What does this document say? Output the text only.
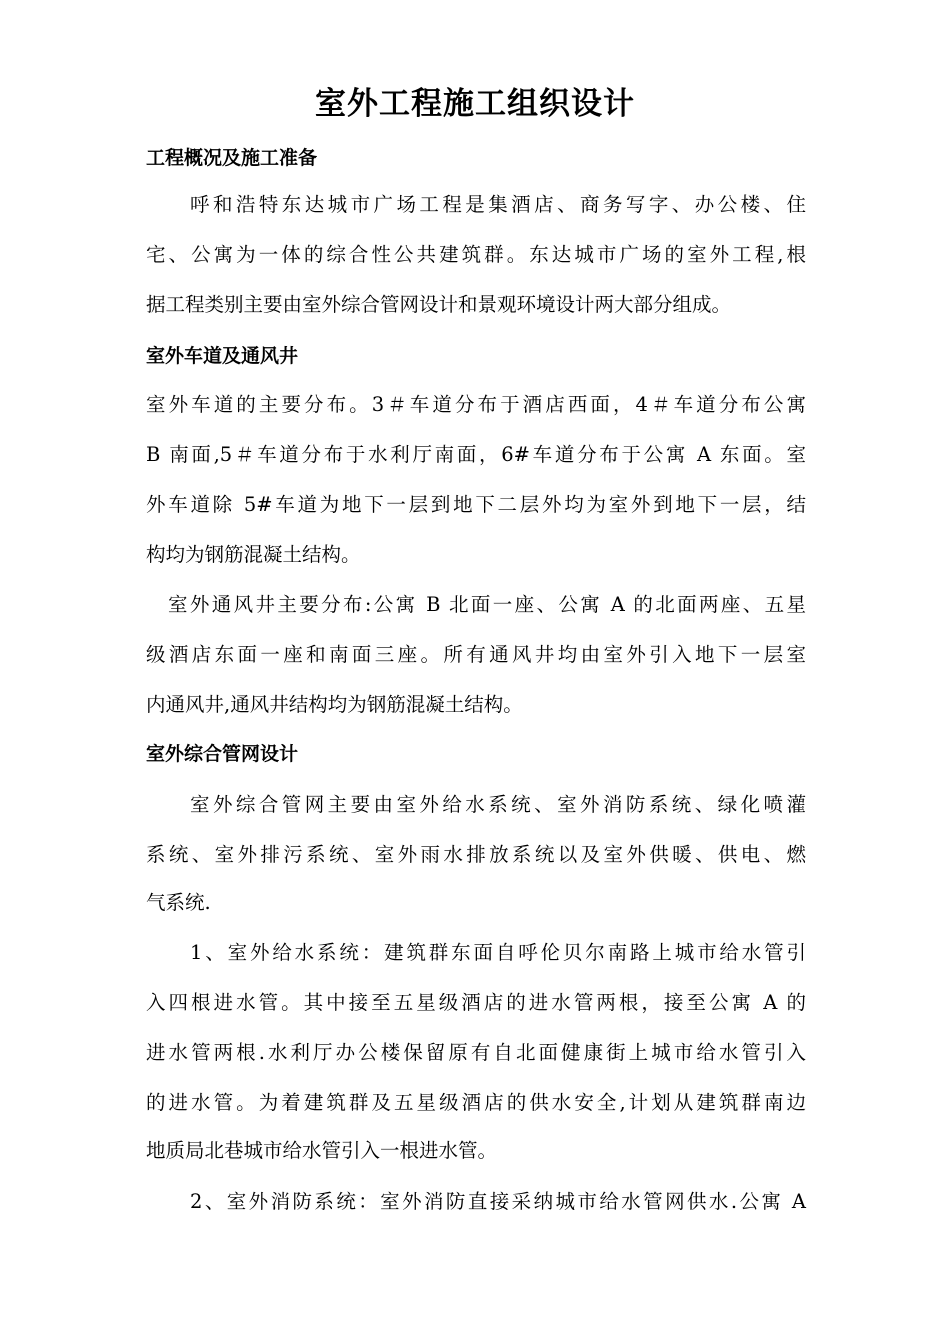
室外工程施工组织设计
工程概况及施工准备
呼和浩特东达城市广场工程是集酒店、商务写字、办公楼、住
宅、公寓为一体的综合性公共建筑群。东达城市广场的室外工程,根
据工程类别主要由室外综合管网设计和景观环境设计两大部分组成。
室外车道及通风井
室外车道的主要分布。3＃车道分布于酒店西面，4＃车道分布公寓
B 南面,5＃车道分布于水利厅南面，6#车道分布于公寓 A 东面。室
外车道除 5#车道为地下一层到地下二层外均为室外到地下一层，结
构均为钢筋混凝土结构。
室外通风井主要分布:公寓 B 北面一座、公寓 A 的北面两座、五星
级酒店东面一座和南面三座。所有通风井均由室外引入地下一层室
内通风井,通风井结构均为钢筋混凝土结构。
室外综合管网设计
室外综合管网主要由室外给水系统、室外消防系统、绿化喷灌
系统、室外排污系统、室外雨水排放系统以及室外供暖、供电、燃
气系统.
1、室外给水系统：建筑群东面自呼伦贝尔南路上城市给水管引
入四根进水管。其中接至五星级酒店的进水管两根，接至公寓 A 的
进水管两根.水利厅办公楼保留原有自北面健康街上城市给水管引入
的进水管。为着建筑群及五星级酒店的供水安全,计划从建筑群南边
地质局北巷城市给水管引入一根进水管。
2、室外消防系统：室外消防直接采纳城市给水管网供水.公寓 A
